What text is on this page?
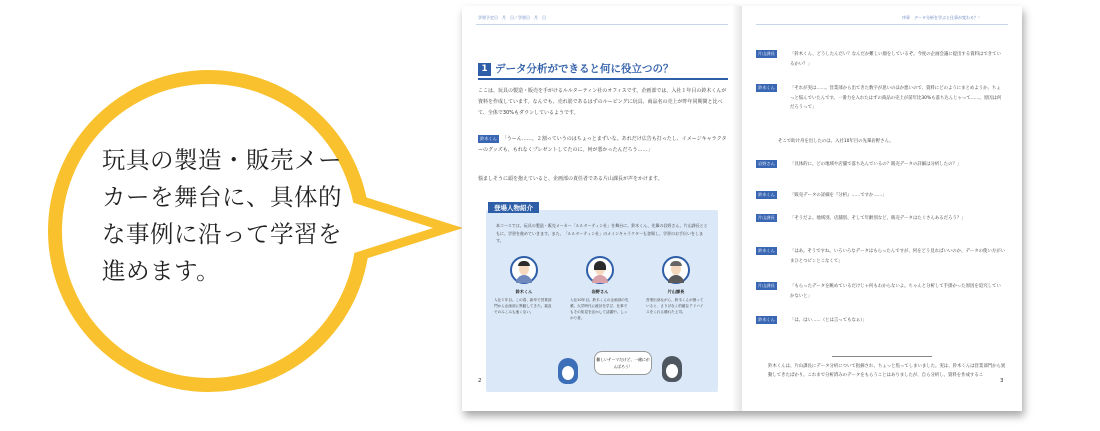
玩具の製造・販売メー
カーを舞台に、具体的
な事例に沿って学習を
進めます。
学習予定日　月　日／学習日　月　日
1 データ分析ができると何に役立つの？
ここは、玩具の製造・販売を手がけるルルターティン社のオフィスです。企画部では、入社１年目の鈴木くんが資料を作成しています。なんでも、売れ筋であるはずのルービングに玩具、商品名の売上が昨年同期間と比べて、全体で30%もダウンしているようです。
鈴木くん 「うーん……。２割っていうのはちょっとまずいな。あれだけ広告も打ったし、イメージキャラクターのグッズも、もれなくプレゼントしてたのに。何が悪かったんだろう……」
悩ましそうに頭を抱えていると、企画部の責任者である片山課長が声をかけます。
登場人物紹介
本コースでは、玩具の製造・販売メーカー「ルルターティン社」を舞台に、鈴木くん、先輩の岩野さん、片山課長とともに、学習を進めていきます。また、「ルルターティン社」のメインキャラクターも登場し、学習のお手伝いをします。
鈴木くん	岩野さん	片山課長
入社１年目。この春、新卒で営業部門から企画部に異動してきた。素直でのみこみも速くない。
入社10年目。鈴木くんの企画部の先輩。大学時代に統計を学び、仕事でもその知見を活かして活躍中。しっかり者。
営業出身ながら、鈴木くんが困っていると、さりげなく的確なアドバイスをくれる優れた上司。
難しいテーマだけど、一緒にがんばろう！
2
序章　データ分析を学ぶと仕事が変わる？！
片山課長	「鈴木くん、どうしたんだい？なんだか難しい顔をしているぞ。今度の企画会議に提出する資料はできているかい？」
鈴木くん	「それが実は……。営業部から出てきた数字が思いのほか悪いので、資料にどのようにまとめようか、ちょっと悩んでいたんです。一番力を入れたはずの商品の売上が前年比30%も落ち込んじゃって……。原因は何だろうって」
そこで助け舟を出したのは、入社10年目の先輩岩野さん。
岩野さん	「具体的に、どの地域や店舗で落ち込んでいるの？販売データの詳細は分析したの？」
鈴木くん	「販売データの詳細を『分析』……ですか……」
片山課長	「そうだよ。地域別、店舗別、そして年齢別など、販売データはたくさんあるだろう？」
鈴木くん	「はあ。そうですね。いろいろなデータはもらったんですが、何をどう見ればいいのか、データの使い方がいまひとつピンとこなくて」
片山課長	「もらったデータを眺めているだけじゃ何もわからないよ。ちゃんと分析して手掛かった原因を追究していかないと」
鈴木くん	「は、はい……（とは言ってもなぁ）」
鈴木くんは、片山課長にデータ分析について指摘され、ちょっと焦ってしまいました。実は、鈴木くんは営業部門から異動してきたばかり。これまで分析済みのデータをもらうことはありましたが、自ら分析し、資料を作成するこ
3
